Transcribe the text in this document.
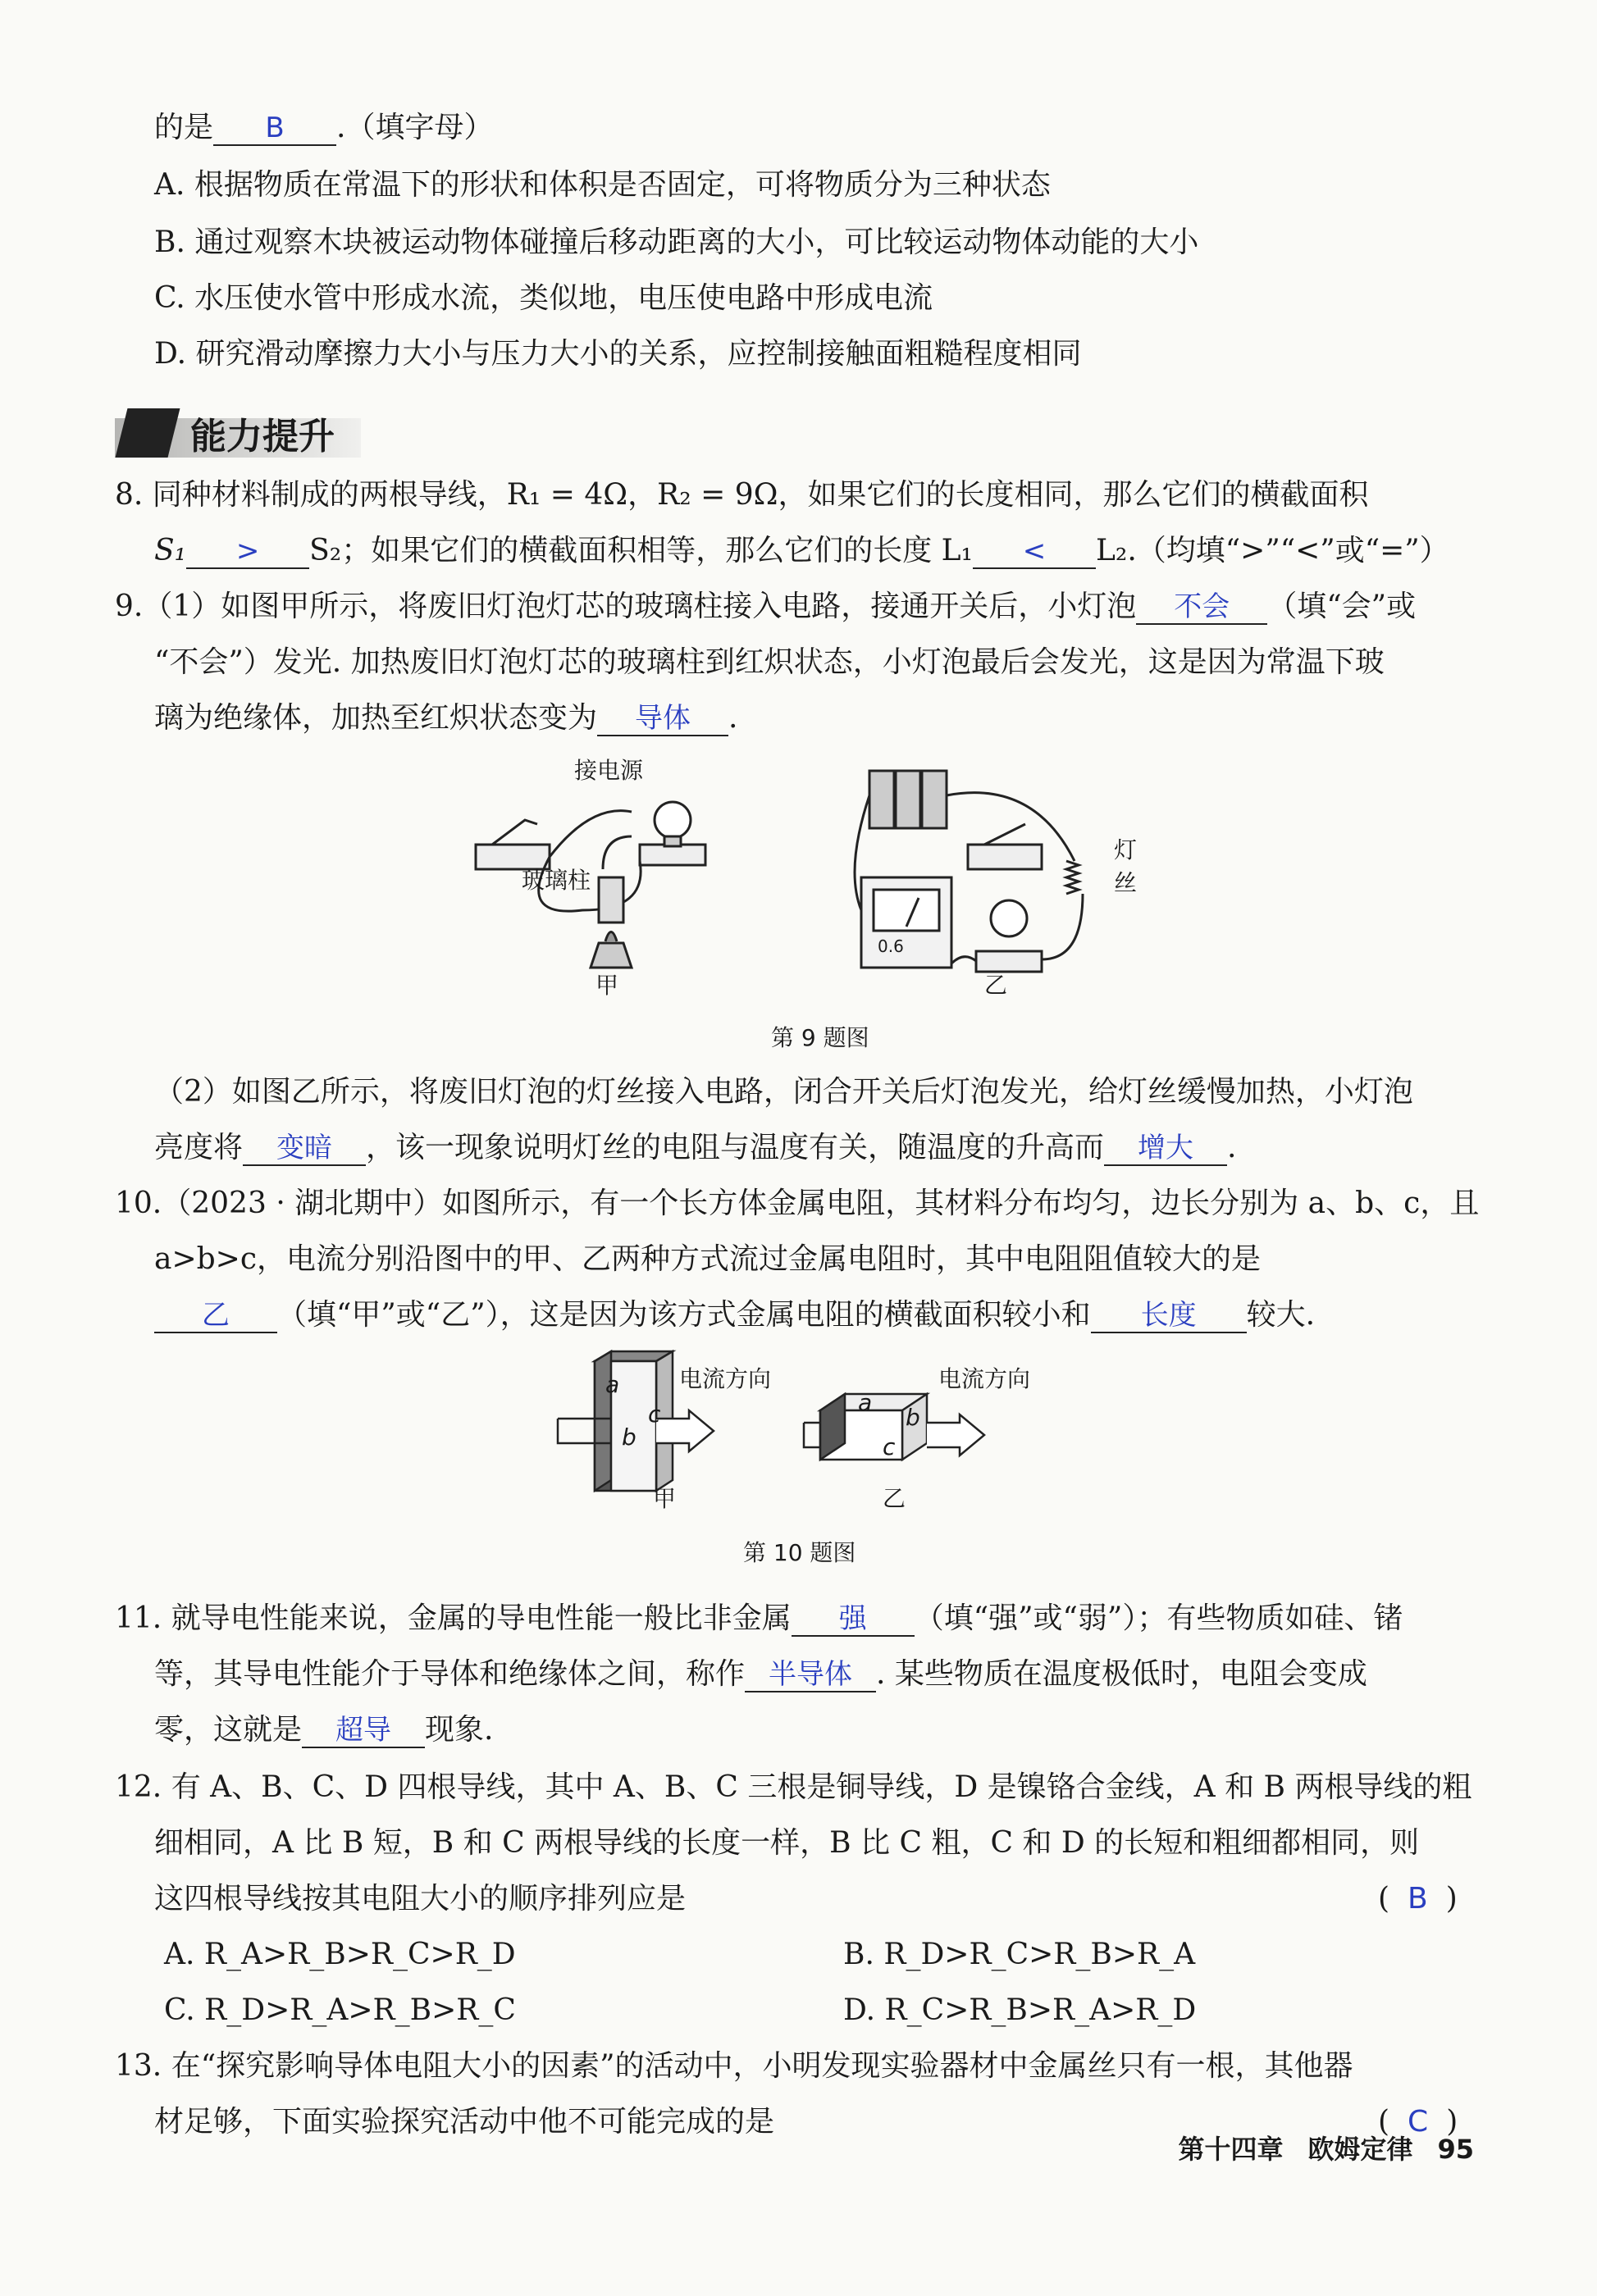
的是 B .（填字母）
A. 根据物质在常温下的形状和体积是否固定，可将物质分为三种状态
B. 通过观察木块被运动物体碰撞后移动距离的大小，可比较运动物体动能的大小
C. 水压使水管中形成水流，类似地，电压使电路中形成电流
D. 研究滑动摩擦力大小与压力大小的关系，应控制接触面粗糙程度相同
能力提升
8. 同种材料制成的两根导线，R₁ = 4Ω，R₂ = 9Ω，如果它们的长度相同，那么它们的横截面积
S₁ > S₂；如果它们的横截面积相等，那么它们的长度 L₁ < L₂.（均填“>”“<”或“=”）
9.（1）如图甲所示，将废旧灯泡灯芯的玻璃柱接入电路，接通开关后，小灯泡 不会 （填“会”或
“不会”）发光. 加热废旧灯泡灯芯的玻璃柱到红炽状态，小灯泡最后会发光，这是因为常温下玻
璃为绝缘体，加热至红炽状态变为 导体 .
接电源
玻璃柱
甲	乙
灯丝
0.6
第 9 题图
（2）如图乙所示，将废旧灯泡的灯丝接入电路，闭合开关后灯泡发光，给灯丝缓慢加热，小灯泡
亮度将 变暗 ，该一现象说明灯丝的电阻与温度有关，随温度的升高而 增大 .
10.（2023 · 湖北期中）如图所示，有一个长方体金属电阻，其材料分布均匀，边长分别为 a、b、c，且
a>b>c，电流分别沿图中的甲、乙两种方式流过金属电阻时，其中电阻阻值较大的是
乙 （填“甲”或“乙”），这是因为该方式金属电阻的横截面积较小和 长度 较大.
电流方向	电流方向
a
c
b
a
b
c
甲	乙
第 10 题图
11. 就导电性能来说，金属的导电性能一般比非金属 强 （填“强”或“弱”）；有些物质如硅、锗
等，其导电性能介于导体和绝缘体之间，称作 半导体 . 某些物质在温度极低时，电阻会变成
零，这就是 超导 现象.
12. 有 A、B、C、D 四根导线，其中 A、B、C 三根是铜导线，D 是镍铬合金线，A 和 B 两根导线的粗
细相同，A 比 B 短，B 和 C 两根导线的长度一样，B 比 C 粗，C 和 D 的长短和粗细都相同，则
这四根导线按其电阻大小的顺序排列应是	( B )
A. R_A>R_B>R_C>R_D	B. R_D>R_C>R_B>R_A
C. R_D>R_A>R_B>R_C	D. R_C>R_B>R_A>R_D
13. 在“探究影响导体电阻大小的因素”的活动中，小明发现实验器材中金属丝只有一根，其他器
材足够，下面实验探究活动中他不可能完成的是	( C )
第十四章 欧姆定律 95
